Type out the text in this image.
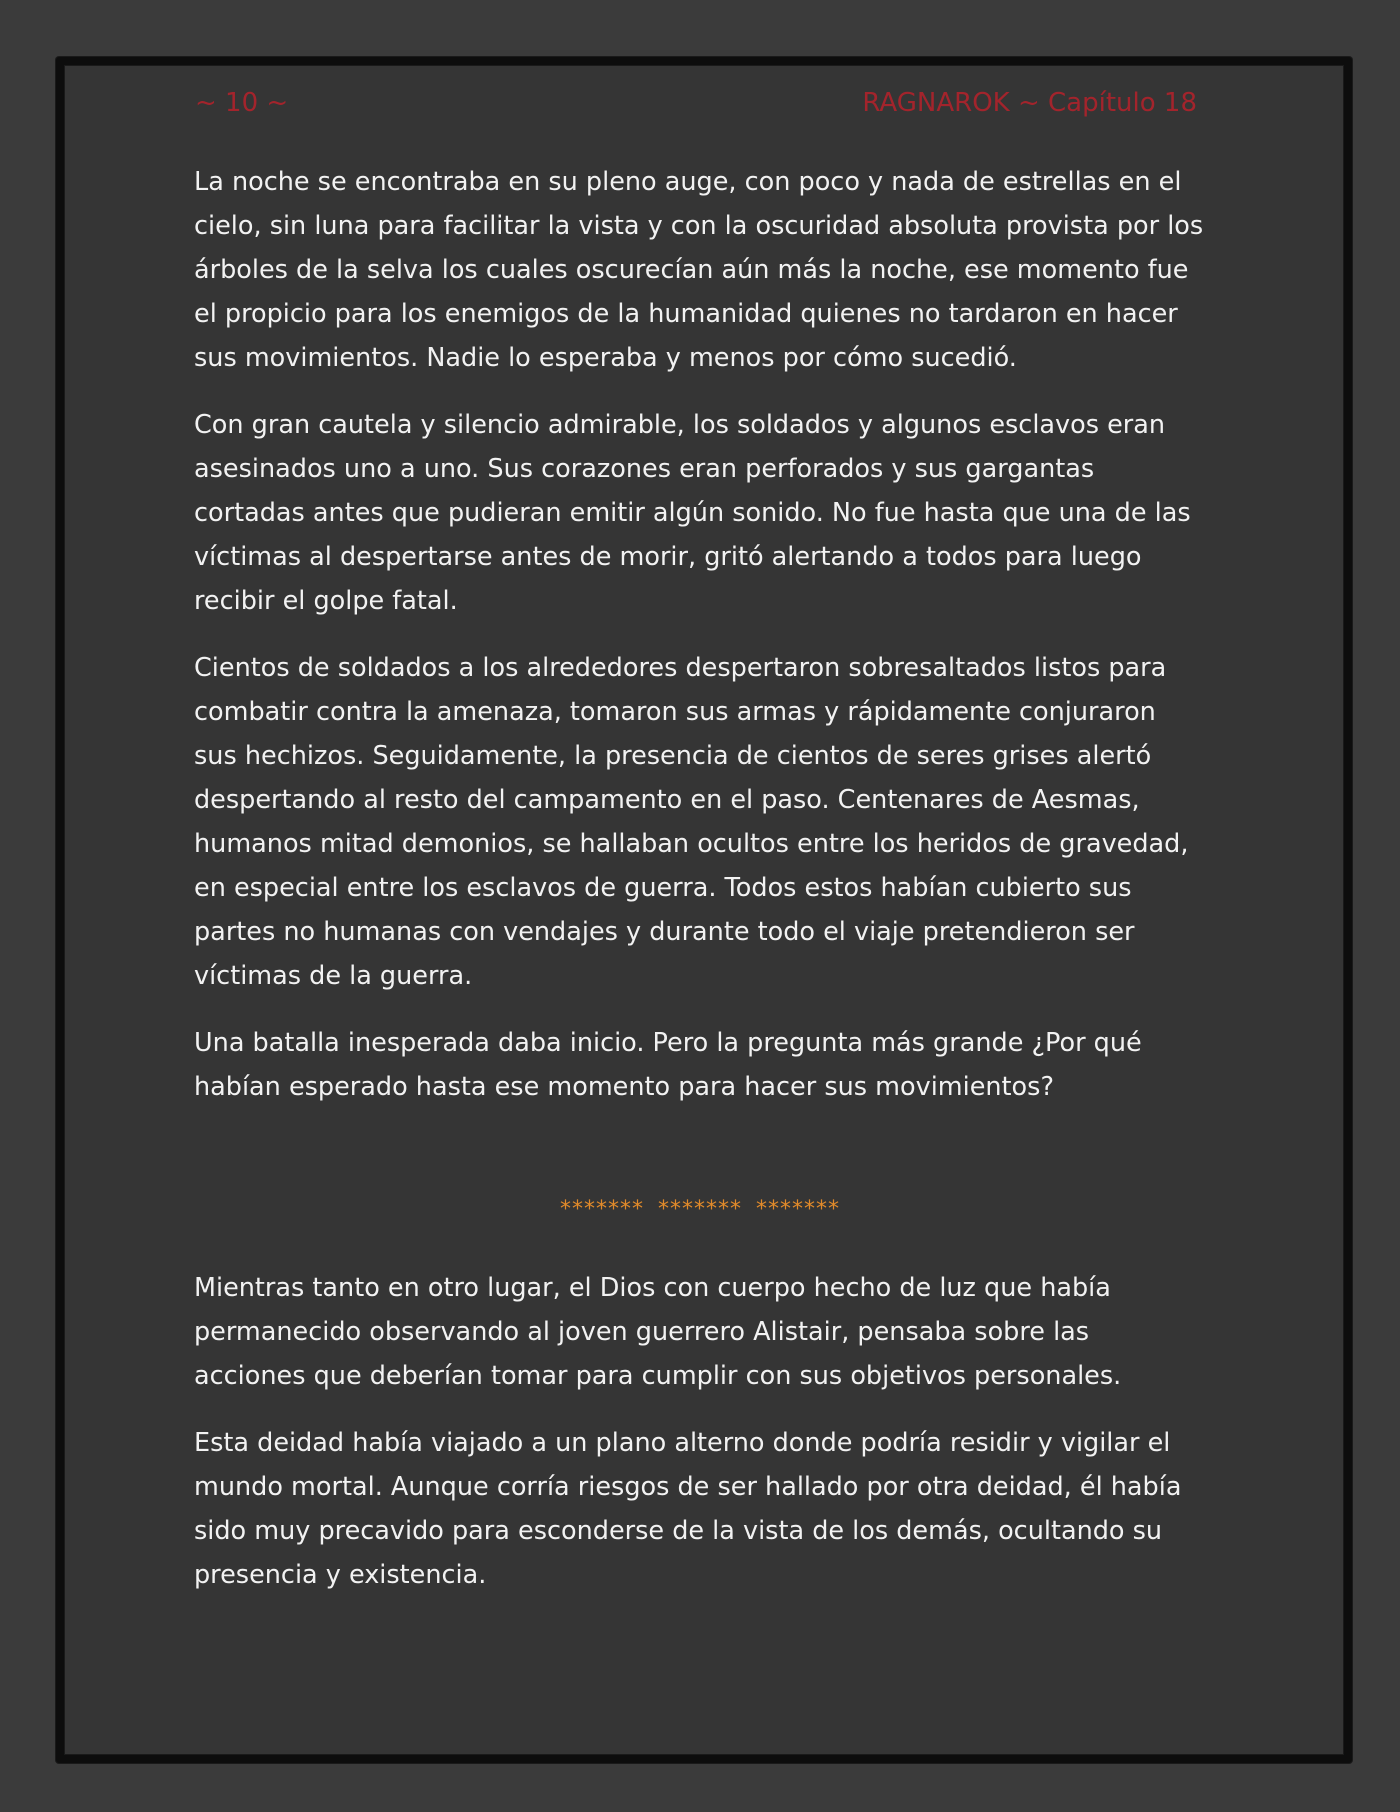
~ 10 ~	RAGNAROK ~ Capítulo 18

La noche se encontraba en su pleno auge, con poco y nada de estrellas en el cielo, sin luna para facilitar la vista y con la oscuridad absoluta provista por los árboles de la selva los cuales oscurecían aún más la noche, ese momento fue el propicio para los enemigos de la humanidad quienes no tardaron en hacer sus movimientos. Nadie lo esperaba y menos por cómo sucedió.

Con gran cautela y silencio admirable, los soldados y algunos esclavos eran asesinados uno a uno. Sus corazones eran perforados y sus gargantas cortadas antes que pudieran emitir algún sonido. No fue hasta que una de las víctimas al despertarse antes de morir, gritó alertando a todos para luego recibir el golpe fatal.

Cientos de soldados a los alrededores despertaron sobresaltados listos para combatir contra la amenaza, tomaron sus armas y rápidamente conjuraron sus hechizos. Seguidamente, la presencia de cientos de seres grises alertó despertando al resto del campamento en el paso. Centenares de Aesmas, humanos mitad demonios, se hallaban ocultos entre los heridos de gravedad, en especial entre los esclavos de guerra. Todos estos habían cubierto sus partes no humanas con vendajes y durante todo el viaje pretendieron ser víctimas de la guerra.

Una batalla inesperada daba inicio. Pero la pregunta más grande ¿Por qué habían esperado hasta ese momento para hacer sus movimientos?

******* ******* *******

Mientras tanto en otro lugar, el Dios con cuerpo hecho de luz que había permanecido observando al joven guerrero Alistair, pensaba sobre las acciones que deberían tomar para cumplir con sus objetivos personales.

Esta deidad había viajado a un plano alterno donde podría residir y vigilar el mundo mortal. Aunque corría riesgos de ser hallado por otra deidad, él había sido muy precavido para esconderse de la vista de los demás, ocultando su presencia y existencia.
